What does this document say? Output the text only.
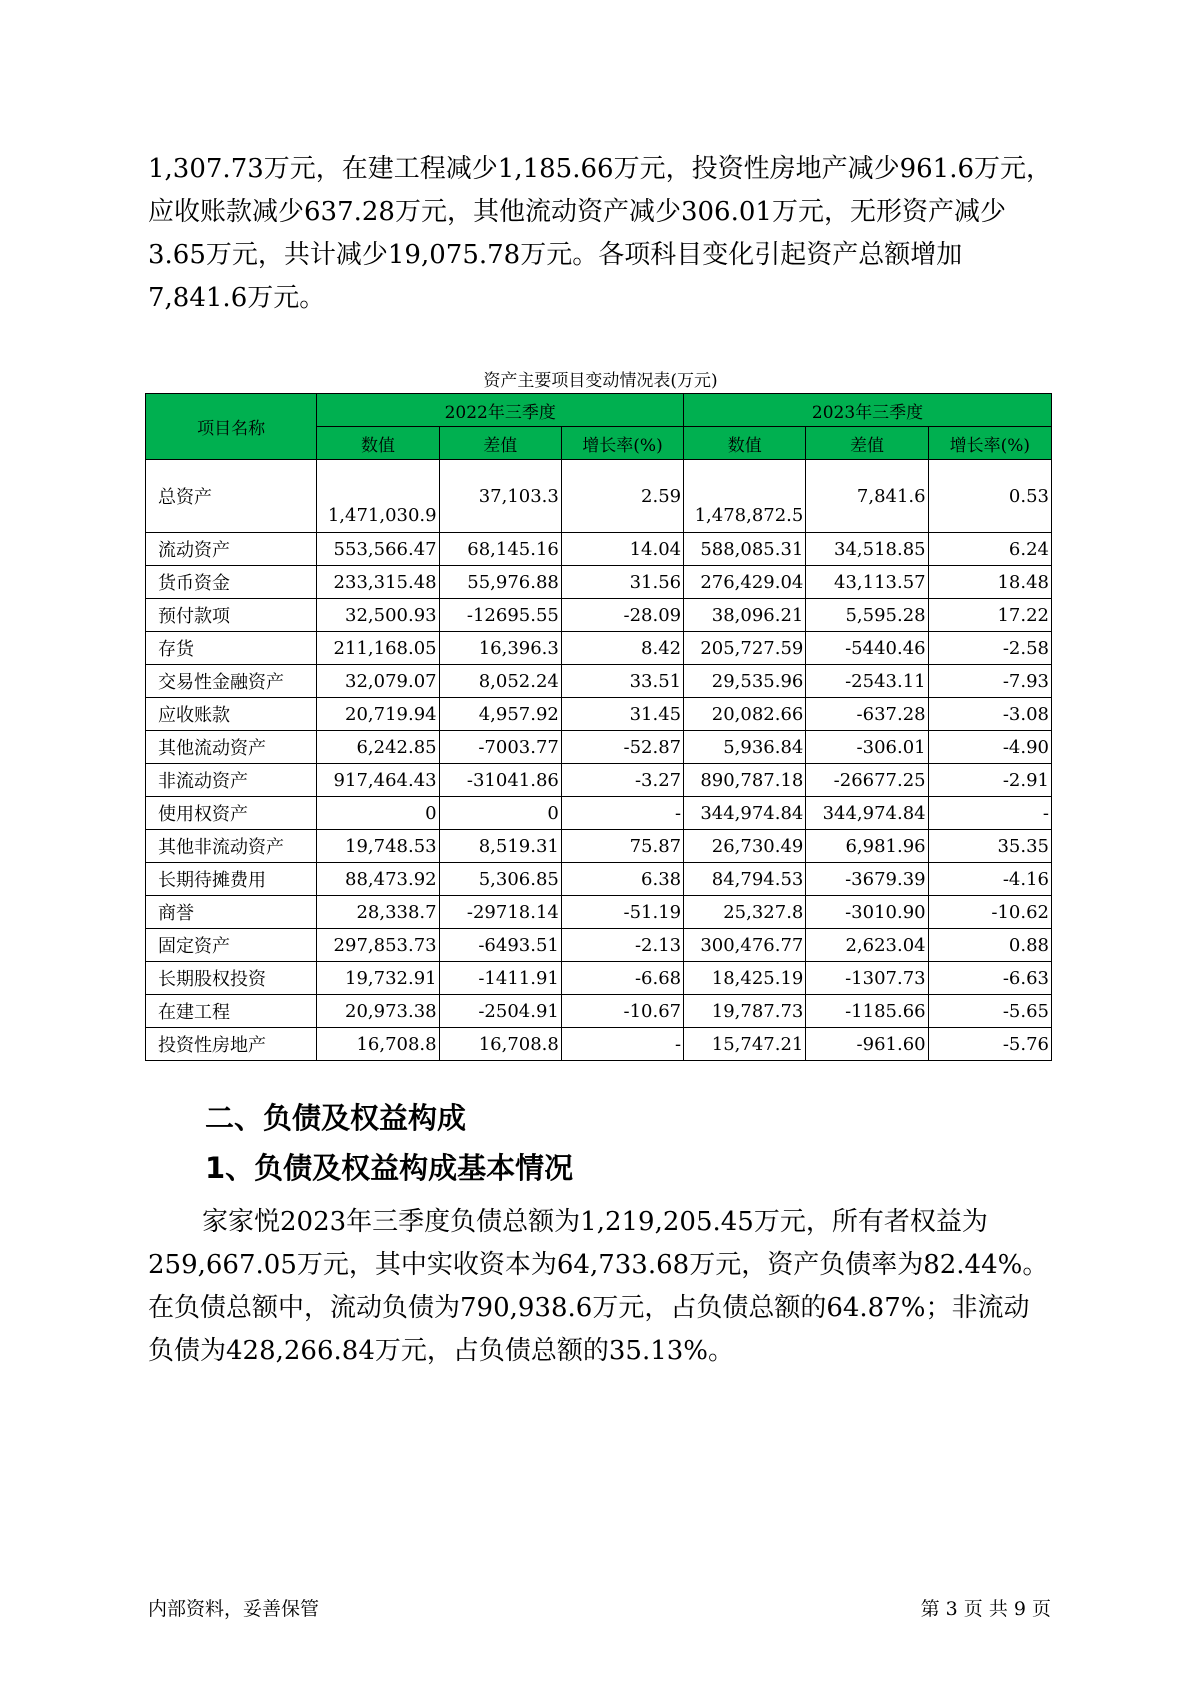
1,307.73万元，在建工程减少1,185.66万元，投资性房地产减少961.6万元，
应收账款减少637.28万元，其他流动资产减少306.01万元，无形资产减少
3.65万元，共计减少19,075.78万元。各项科目变化引起资产总额增加
7,841.6万元。

资产主要项目变动情况表(万元)
项目名称	2022年三季度			2023年三季度		
	数值	差值	增长率(%)	数值	差值	增长率(%)
总资产	1,471,030.9	37,103.3	2.59	1,478,872.5	7,841.6	0.53
流动资产	553,566.47	68,145.16	14.04	588,085.31	34,518.85	6.24
货币资金	233,315.48	55,976.88	31.56	276,429.04	43,113.57	18.48
预付款项	32,500.93	-12695.55	-28.09	38,096.21	5,595.28	17.22
存货	211,168.05	16,396.3	8.42	205,727.59	-5440.46	-2.58
交易性金融资产	32,079.07	8,052.24	33.51	29,535.96	-2543.11	-7.93
应收账款	20,719.94	4,957.92	31.45	20,082.66	-637.28	-3.08
其他流动资产	6,242.85	-7003.77	-52.87	5,936.84	-306.01	-4.90
非流动资产	917,464.43	-31041.86	-3.27	890,787.18	-26677.25	-2.91
使用权资产	0	0	-	344,974.84	344,974.84	-
其他非流动资产	19,748.53	8,519.31	75.87	26,730.49	6,981.96	35.35
长期待摊费用	88,473.92	5,306.85	6.38	84,794.53	-3679.39	-4.16
商誉	28,338.7	-29718.14	-51.19	25,327.8	-3010.90	-10.62
固定资产	297,853.73	-6493.51	-2.13	300,476.77	2,623.04	0.88
长期股权投资	19,732.91	-1411.91	-6.68	18,425.19	-1307.73	-6.63
在建工程	20,973.38	-2504.91	-10.67	19,787.73	-1185.66	-5.65
投资性房地产	16,708.8	16,708.8	-	15,747.21	-961.60	-5.76
二、负债及权益构成
1、负债及权益构成基本情况

家家悦2023年三季度负债总额为1,219,205.45万元，所有者权益为
259,667.05万元，其中实收资本为64,733.68万元，资产负债率为82.44%。
在负债总额中，流动负债为790,938.6万元，占负债总额的64.87%；非流动
负债为428,266.84万元，占负债总额的35.13%。

内部资料，妥善保管	第 3 页 共 9 页
